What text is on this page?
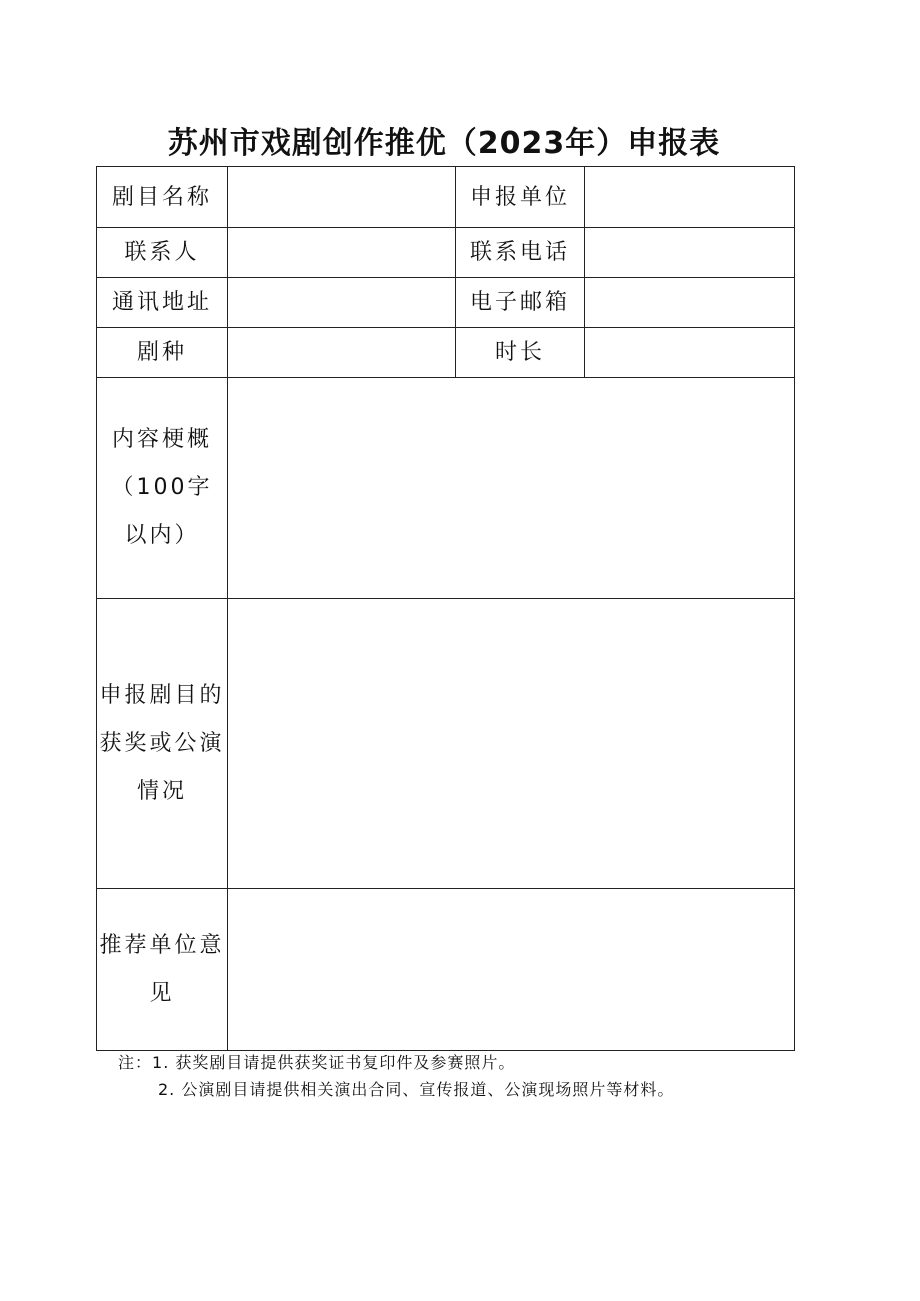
苏州市戏剧创作推优（2023年）申报表
剧目名称		申报单位	
联系人		联系电话	
通讯地址		电子邮箱	
剧种		时长	

内容梗概
（100字
以内）			

申报剧目的
获奖或公演
情况			

推荐单位意
见			

注：1. 获奖剧目请提供获奖证书复印件及参赛照片。
2. 公演剧目请提供相关演出合同、宣传报道、公演现场照片等材料。
